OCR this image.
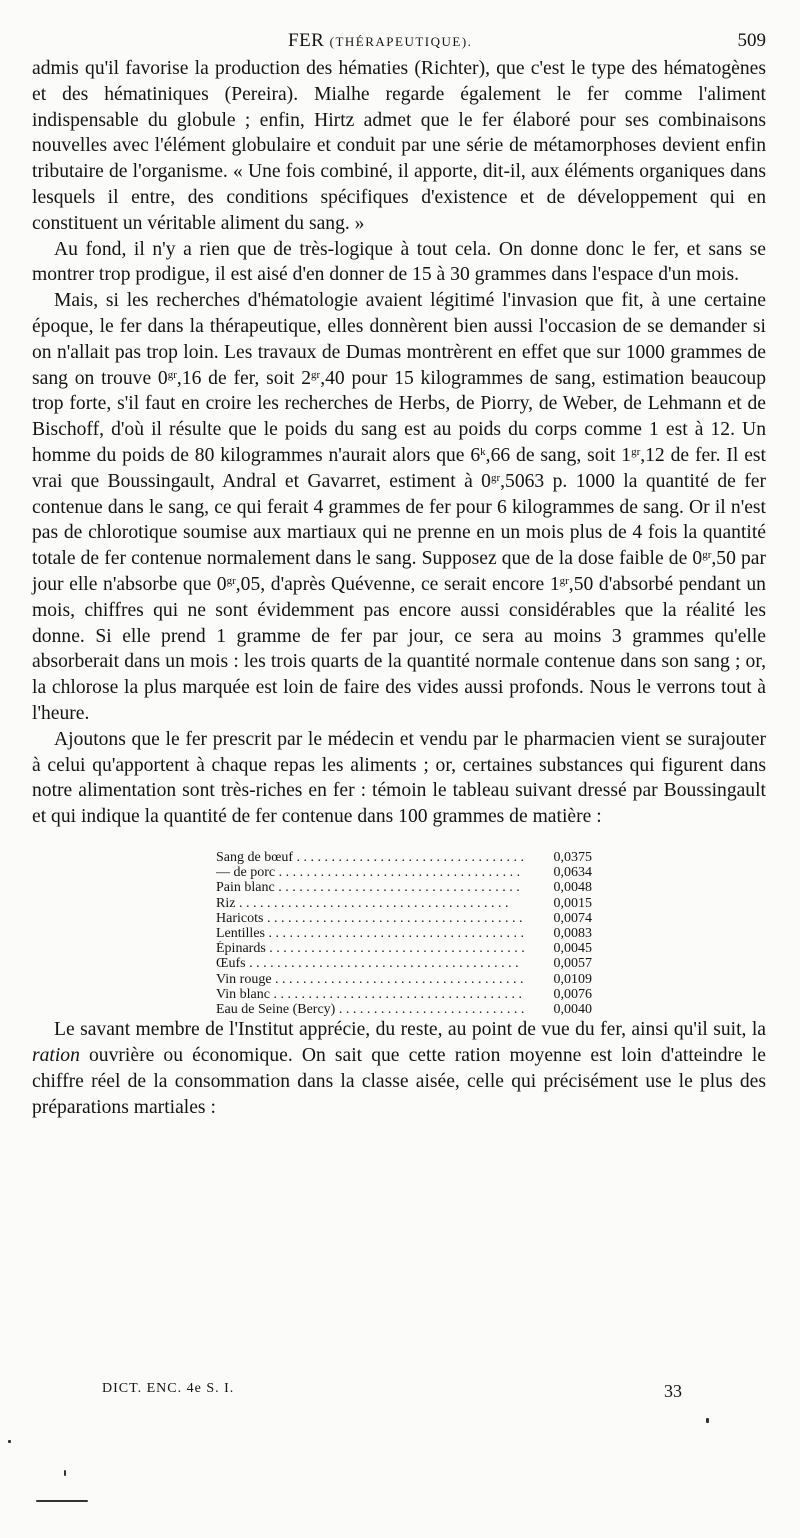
FER (THÉRAPEUTIQUE).	509

admis qu'il favorise la production des hématies (Richter), que c'est le type des hématogènes et des hématiniques (Pereira). Mialhe regarde également le fer comme l'aliment indispensable du globule ; enfin, Hirtz admet que le fer élaboré pour ses combinaisons nouvelles avec l'élément globulaire et conduit par une série de métamorphoses devient enfin tributaire de l'organisme. « Une fois combiné, il apporte, dit-il, aux éléments organiques dans lesquels il entre, des conditions spécifiques d'existence et de développement qui en constituent un véritable aliment du sang. »

Au fond, il n'y a rien que de très-logique à tout cela. On donne donc le fer, et sans se montrer trop prodigue, il est aisé d'en donner de 15 à 30 grammes dans l'espace d'un mois.

Mais, si les recherches d'hématologie avaient légitimé l'invasion que fit, à une certaine époque, le fer dans la thérapeutique, elles donnèrent bien aussi l'occasion de se demander si on n'allait pas trop loin. Les travaux de Dumas montrèrent en effet que sur 1000 grammes de sang on trouve $0^{gr},16$ de fer, soit $2^{gr},40$ pour 15 kilogrammes de sang, estimation beaucoup trop forte, s'il faut en croire les recherches de Herbs, de Piorry, de Weber, de Lehmann et de Bischoff, d'où il résulte que le poids du sang est au poids du corps comme 1 est à 12. Un homme du poids de 80 kilogrammes n'aurait alors que 6$^k$,66 de sang, soit $1^{gr},12$ de fer. Il est vrai que Boussingault, Andral et Gavarret, estiment à $0^{gr},5063$ p. 1000 la quantité de fer contenue dans le sang, ce qui ferait 4 grammes de fer pour 6 kilogrammes de sang. Or il n'est pas de chlorotique soumise aux martiaux qui ne prenne en un mois plus de 4 fois la quantité totale de fer contenue normalement dans le sang. Supposez que de la dose faible de $0^{gr},50$ par jour elle n'absorbe que $0^{gr},05$, d'après Quévenne, ce serait encore $1^{gr},50$ d'absorbé pendant un mois, chiffres qui ne sont évidemment pas encore aussi considérables que la réalité les donne. Si elle prend 1 gramme de fer par jour, ce sera au moins 3 grammes qu'elle absorberait dans un mois : les trois quarts de la quantité normale contenue dans son sang ; or, la chlorose la plus marquée est loin de faire des vides aussi profonds. Nous le verrons tout à l'heure.

Ajoutons que le fer prescrit par le médecin et vendu par le pharmacien vient se surajouter à celui qu'apportent à chaque repas les aliments ; or, certaines substances qui figurent dans notre alimentation sont très-riches en fer : témoin le tableau suivant dressé par Boussingault et qui indique la quantité de fer contenue dans 100 grammes de matière :

Sang de bœuf . . .	0,0375
— de porc . . .	0,0634
Pain blanc . . .	0,0048
Riz . . .	0,0015
Haricots . . .	0,0074
Lentilles . . .	0,0083
Épinards . . .	0,0045
Œufs . . .	0,0057
Vin rouge . . .	0,0109
Vin blanc . . .	0,0076
Eau de Seine (Bercy) . . .	0,0040

Le savant membre de l'Institut apprécie, du reste, au point de vue du fer, ainsi qu'il suit, la ration ouvrière ou économique. On sait que cette ration moyenne est loin d'atteindre le chiffre réel de la consommation dans la classe aisée, celle qui précisément use le plus des préparations martiales :

DICT. ENC. 4e S. I.	33
